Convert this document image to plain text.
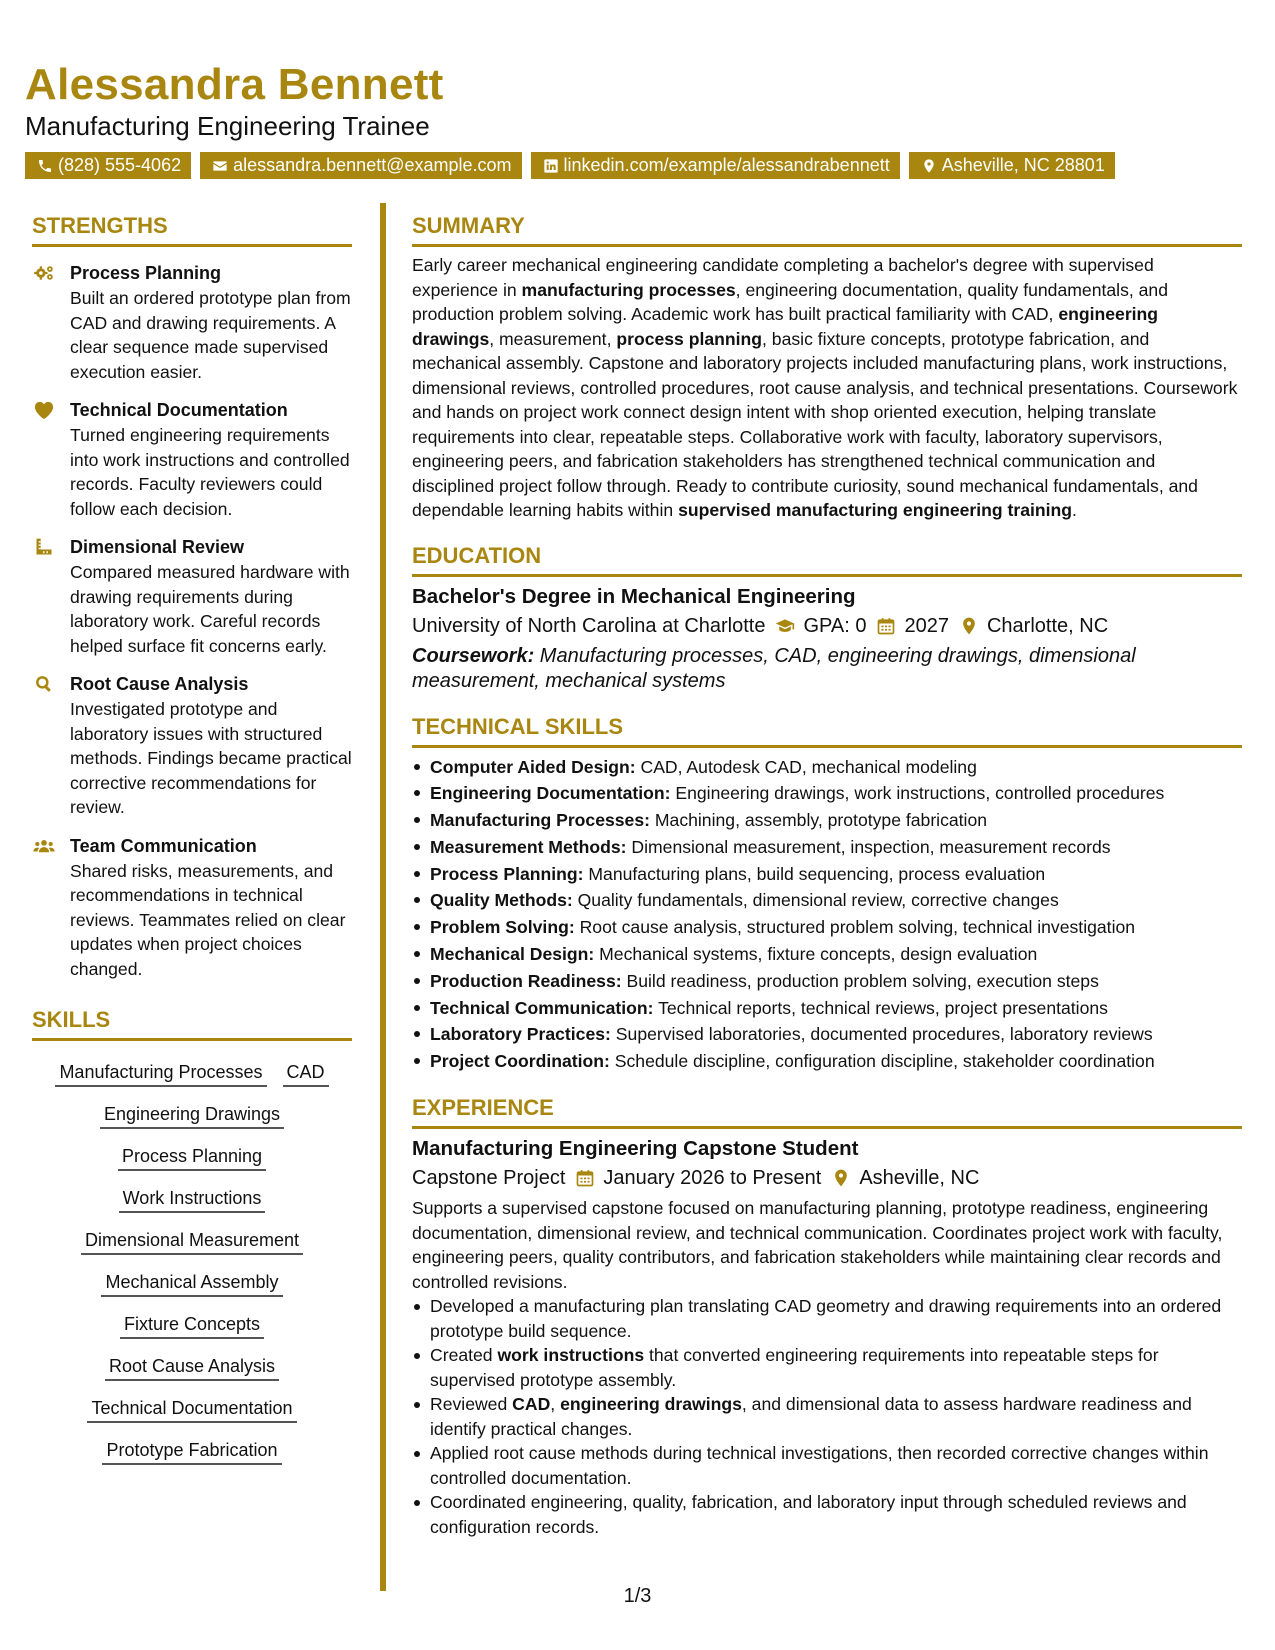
Alessandra Bennett
Manufacturing Engineering Trainee
(828) 555-4062	alessandra.bennett@example.com	linkedin.com/example/alessandrabennett	Asheville, NC 28801
STRENGTHS
Process Planning

Built an ordered prototype plan from CAD and drawing requirements. A clear sequence made supervised execution easier.

Technical Documentation

Turned engineering requirements into work instructions and controlled records. Faculty reviewers could follow each decision.

Dimensional Review

Compared measured hardware with drawing requirements during laboratory work. Careful records helped surface fit concerns early.

Root Cause Analysis

Investigated prototype and laboratory issues with structured methods. Findings became practical corrective recommendations for review.

Team Communication

Shared risks, measurements, and recommendations in technical reviews. Teammates relied on clear updates when project choices changed.

SKILLS
Manufacturing Processes CAD
Engineering Drawings
Process Planning
Work Instructions
Dimensional Measurement
Mechanical Assembly
Fixture Concepts
Root Cause Analysis
Technical Documentation
Prototype Fabrication
SUMMARY

Early career mechanical engineering candidate completing a bachelor's degree with supervised experience in manufacturing processes, engineering documentation, quality fundamentals, and production problem solving. Academic work has built practical familiarity with CAD, engineering drawings, measurement, process planning, basic fixture concepts, prototype fabrication, and mechanical assembly. Capstone and laboratory projects included manufacturing plans, work instructions, dimensional reviews, controlled procedures, root cause analysis, and technical presentations. Coursework and hands on project work connect design intent with shop oriented execution, helping translate requirements into clear, repeatable steps. Collaborative work with faculty, laboratory supervisors, engineering peers, and fabrication stakeholders has strengthened technical communication and disciplined project follow through. Ready to contribute curiosity, sound mechanical fundamentals, and dependable learning habits within supervised manufacturing engineering training.

EDUCATION
Bachelor's Degree in Mechanical Engineering
University of North Carolina at Charlotte GPA: 0 2027 Charlotte, NC

Coursework: Manufacturing processes, CAD, engineering drawings, dimensional measurement, mechanical systems

TECHNICAL SKILLS
Computer Aided Design: CAD, Autodesk CAD, mechanical modeling
Engineering Documentation: Engineering drawings, work instructions, controlled procedures
Manufacturing Processes: Machining, assembly, prototype fabrication
Measurement Methods: Dimensional measurement, inspection, measurement records
Process Planning: Manufacturing plans, build sequencing, process evaluation
Quality Methods: Quality fundamentals, dimensional review, corrective changes
Problem Solving: Root cause analysis, structured problem solving, technical investigation
Mechanical Design: Mechanical systems, fixture concepts, design evaluation
Production Readiness: Build readiness, production problem solving, execution steps
Technical Communication: Technical reports, technical reviews, project presentations
Laboratory Practices: Supervised laboratories, documented procedures, laboratory reviews
Project Coordination: Schedule discipline, configuration discipline, stakeholder coordination
EXPERIENCE
Manufacturing Engineering Capstone Student
Capstone Project January 2026 to Present Asheville, NC

Supports a supervised capstone focused on manufacturing planning, prototype readiness, engineering documentation, dimensional review, and technical communication. Coordinates project work with faculty, engineering peers, quality contributors, and fabrication stakeholders while maintaining clear records and controlled revisions.

Developed a manufacturing plan translating CAD geometry and drawing requirements into an ordered prototype build sequence.
Created work instructions that converted engineering requirements into repeatable steps for supervised prototype assembly.
Reviewed CAD, engineering drawings, and dimensional data to assess hardware readiness and identify practical changes.
Applied root cause methods during technical investigations, then recorded corrective changes within controlled documentation.
Coordinated engineering, quality, fabrication, and laboratory input through scheduled reviews and configuration records.
1/3
